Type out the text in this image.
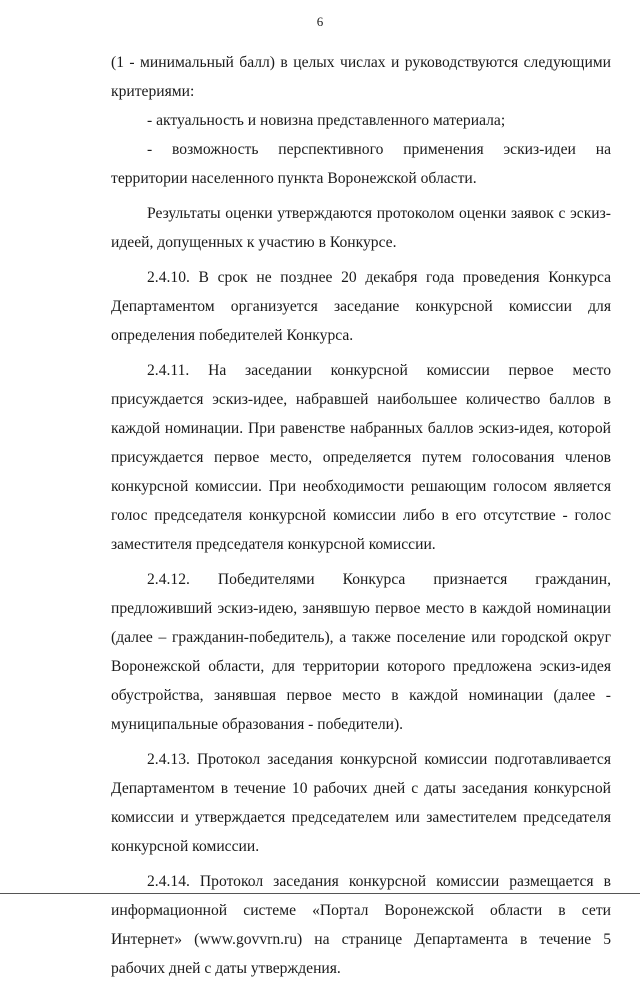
6

(1 - минимальный балл) в целых числах и руководствуются следующими критериями:

- актуальность и новизна представленного материала;

- возможность перспективного применения эскиз-идеи на территории населенного пункта Воронежской области.

Результаты оценки утверждаются протоколом оценки заявок с эскиз-идеей, допущенных к участию в Конкурсе.

2.4.10. В срок не позднее 20 декабря года проведения Конкурса Департаментом организуется заседание конкурсной комиссии для определения победителей Конкурса.

2.4.11. На заседании конкурсной комиссии первое место присуждается эскиз-идее, набравшей наибольшее количество баллов в каждой номинации. При равенстве набранных баллов эскиз-идея, которой присуждается первое место, определяется путем голосования членов конкурсной комиссии. При необходимости решающим голосом является голос председателя конкурсной комиссии либо в его отсутствие - голос заместителя председателя конкурсной комиссии.

2.4.12. Победителями Конкурса признается гражданин, предложивший эскиз-идею, занявшую первое место в каждой номинации (далее – гражданин-победитель), а также поселение или городской округ Воронежской области, для территории которого предложена эскиз-идея обустройства, занявшая первое место в каждой номинации (далее - муниципальные образования - победители).

2.4.13. Протокол заседания конкурсной комиссии подготавливается Департаментом в течение 10 рабочих дней с даты заседания конкурсной комиссии и утверждается председателем или заместителем председателя конкурсной комиссии.

2.4.14. Протокол заседания конкурсной комиссии размещается в информационной системе «Портал Воронежской области в сети Интернет» (www.govvrn.ru) на странице Департамента в течение 5 рабочих дней с даты утверждения.
